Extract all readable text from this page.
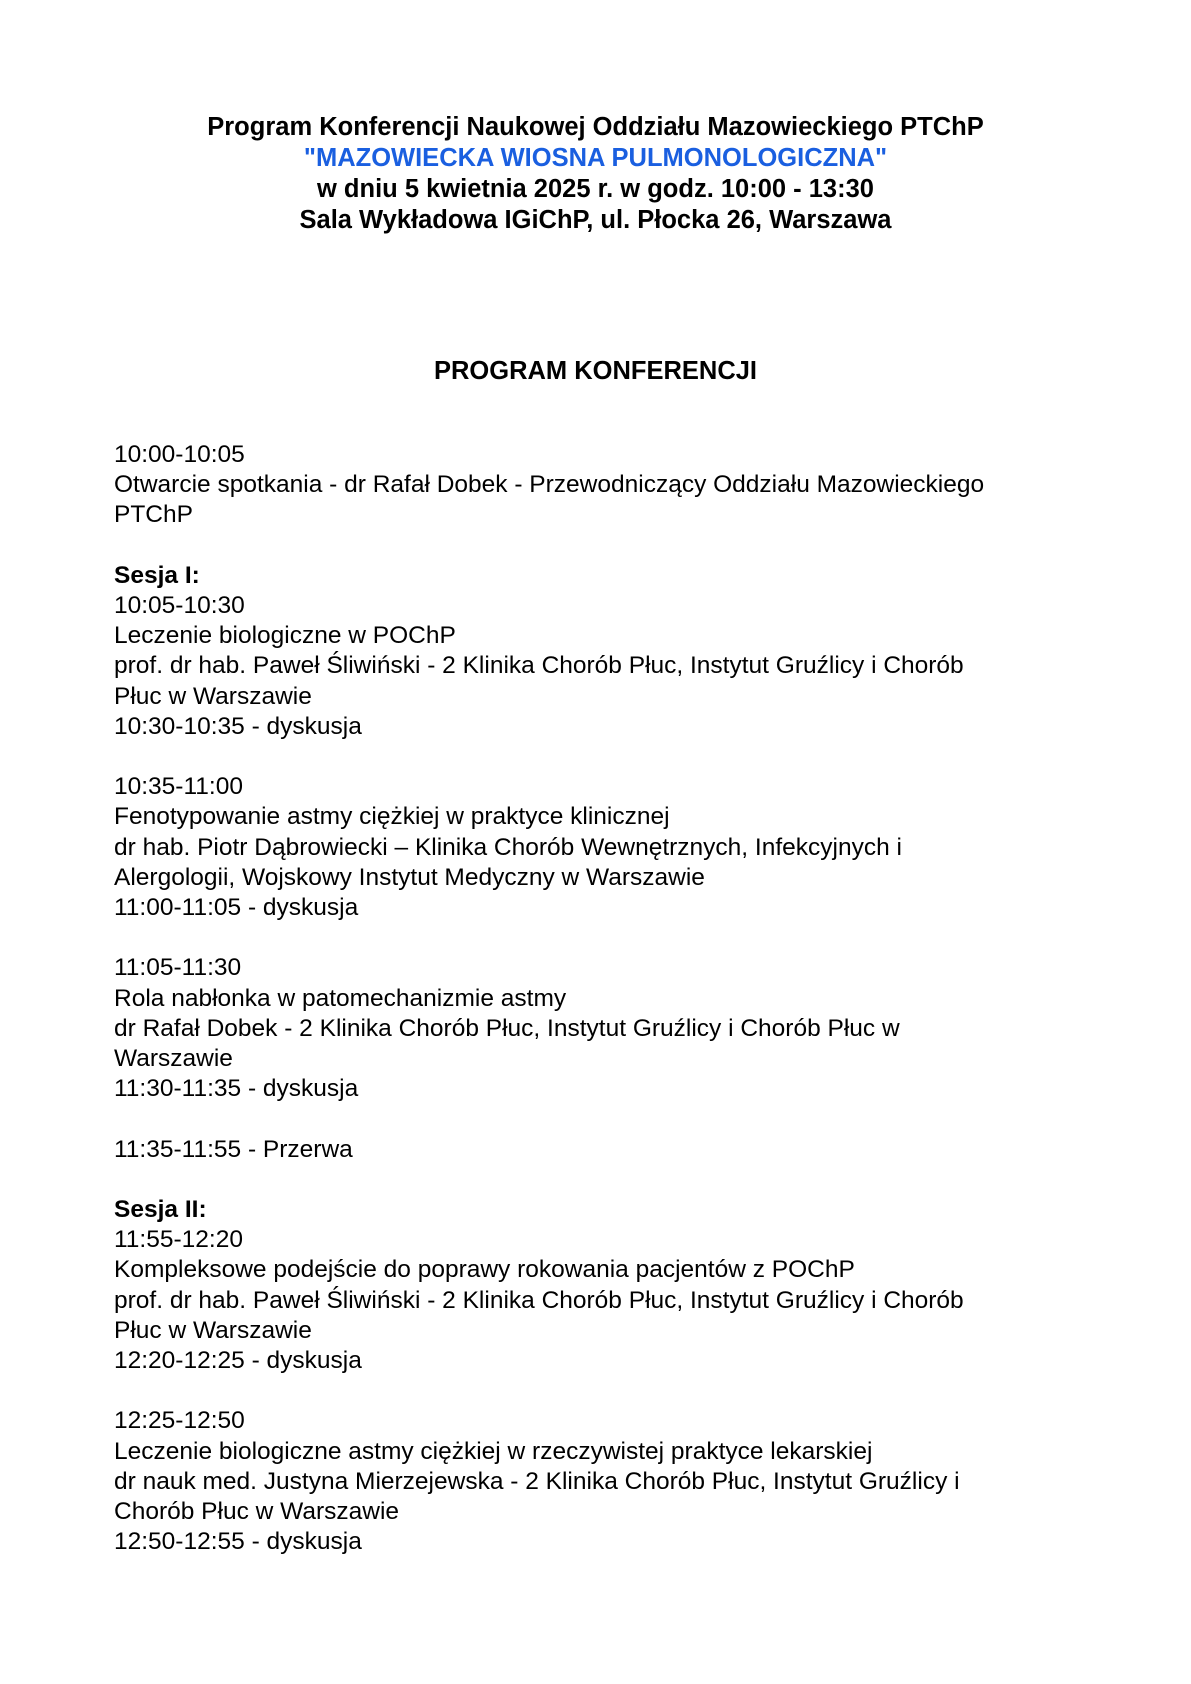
Program Konferencji Naukowej Oddziału Mazowieckiego PTChP
"MAZOWIECKA WIOSNA PULMONOLOGICZNA"
w dniu 5 kwietnia 2025 r. w godz. 10:00 - 13:30
Sala Wykładowa IGiChP, ul. Płocka 26, Warszawa
PROGRAM KONFERENCJI
10:00-10:05
Otwarcie spotkania - dr Rafał Dobek - Przewodniczący Oddziału Mazowieckiego
PTChP
Sesja I:
10:05-10:30
Leczenie biologiczne w POChP
prof. dr hab. Paweł Śliwiński - 2 Klinika Chorób Płuc, Instytut Gruźlicy i Chorób
Płuc w Warszawie
10:30-10:35 - dyskusja
10:35-11:00
Fenotypowanie astmy ciężkiej w praktyce klinicznej
dr hab. Piotr Dąbrowiecki – Klinika Chorób Wewnętrznych, Infekcyjnych i
Alergologii, Wojskowy Instytut Medyczny w Warszawie
11:00-11:05 - dyskusja
11:05-11:30
Rola nabłonka w patomechanizmie astmy
dr Rafał Dobek - 2 Klinika Chorób Płuc, Instytut Gruźlicy i Chorób Płuc w
Warszawie
11:30-11:35 - dyskusja
11:35-11:55 - Przerwa
Sesja II:
11:55-12:20
Kompleksowe podejście do poprawy rokowania pacjentów z POChP
prof. dr hab. Paweł Śliwiński - 2 Klinika Chorób Płuc, Instytut Gruźlicy i Chorób
Płuc w Warszawie
12:20-12:25 - dyskusja
12:25-12:50
Leczenie biologiczne astmy ciężkiej w rzeczywistej praktyce lekarskiej
dr nauk med. Justyna Mierzejewska - 2 Klinika Chorób Płuc, Instytut Gruźlicy i
Chorób Płuc w Warszawie
12:50-12:55 - dyskusja
